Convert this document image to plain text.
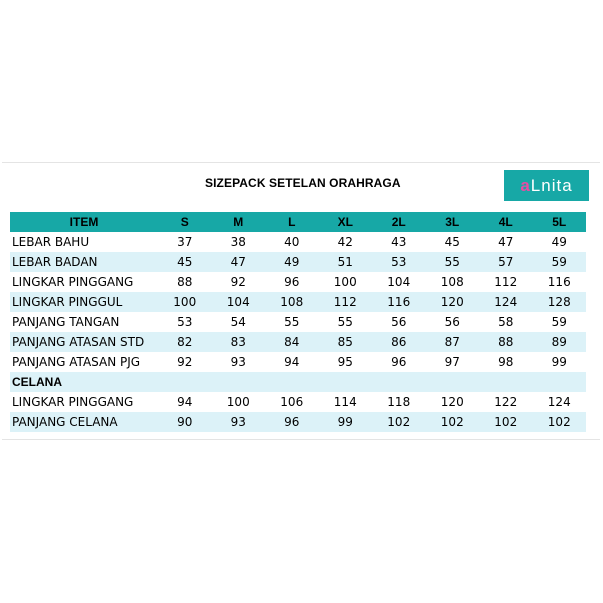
SIZEPACK SETELAN ORAHRAGA	aLnita
ITEM	S	M	L	XL	2L	3L	4L	5L
LEBAR BAHU	37	38	40	42	43	45	47	49
LEBAR BADAN	45	47	49	51	53	55	57	59
LINGKAR PINGGANG	88	92	96	100	104	108	112	116
LINGKAR PINGGUL	100	104	108	112	116	120	124	128
PANJANG TANGAN	53	54	55	55	56	56	58	59
PANJANG ATASAN STD	82	83	84	85	86	87	88	89
PANJANG ATASAN PJG	92	93	94	95	96	97	98	99
CELANA								
LINGKAR PINGGANG	94	100	106	114	118	120	122	124
PANJANG CELANA	90	93	96	99	102	102	102	102
